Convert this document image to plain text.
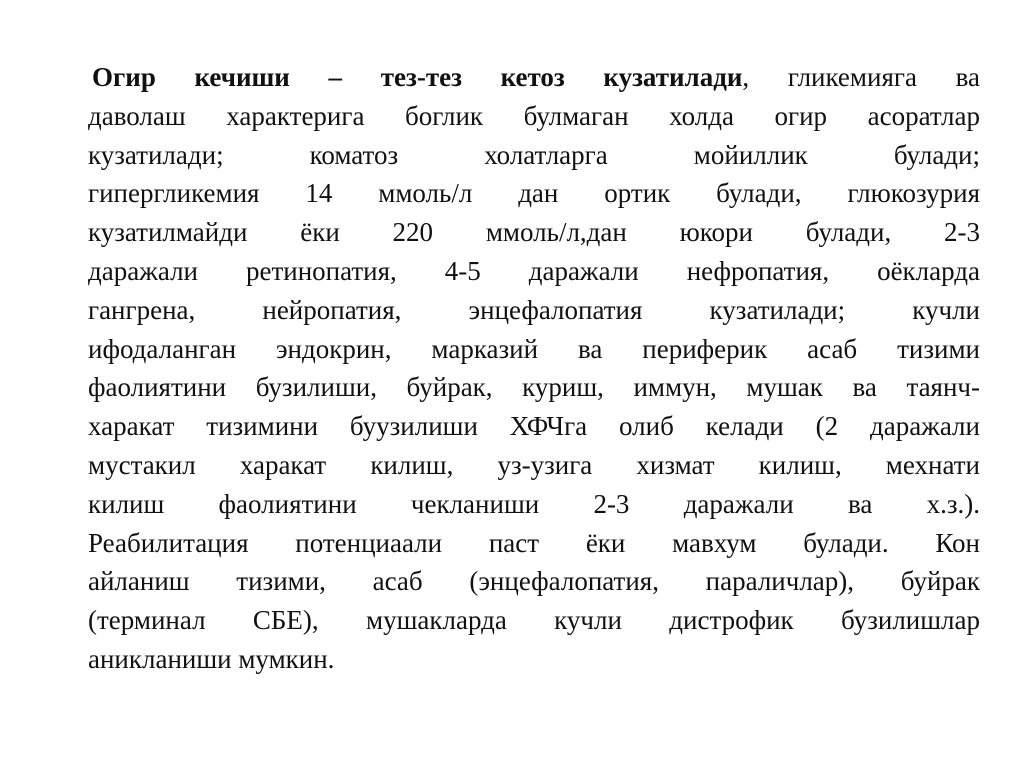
Огир кечиши – тез-тез кетоз кузатилади, гликемияга ва
даволаш характерига боглик булмаган холда огир асоратлар
кузатилади; коматоз холатларга мойиллик булади;
гипергликемия 14 ммоль/л дан ортик булади, глюкозурия
кузатилмайди ёки 220 ммоль/л,дан юкори булади, 2-3
даражали ретинопатия, 4-5 даражали нефропатия, оёкларда
гангрена, нейропатия, энцефалопатия кузатилади; кучли
ифодаланган эндокрин, марказий ва периферик асаб тизими
фаолиятини бузилиши, буйрак, куриш, иммун, мушак ва таянч-
харакат тизимини буузилиши ХФЧга олиб келади (2 даражали
мустакил харакат килиш, уз-узига хизмат килиш, мехнати
килиш фаолиятини чекланиши 2-3 даражали ва х.з.).
Реабилитация потенциаали паст ёки мавхум булади. Кон
айланиш тизими, асаб (энцефалопатия, параличлар), буйрак
(терминал СБЕ), мушакларда кучли дистрофик бузилишлар
аникланиши мумкин.
